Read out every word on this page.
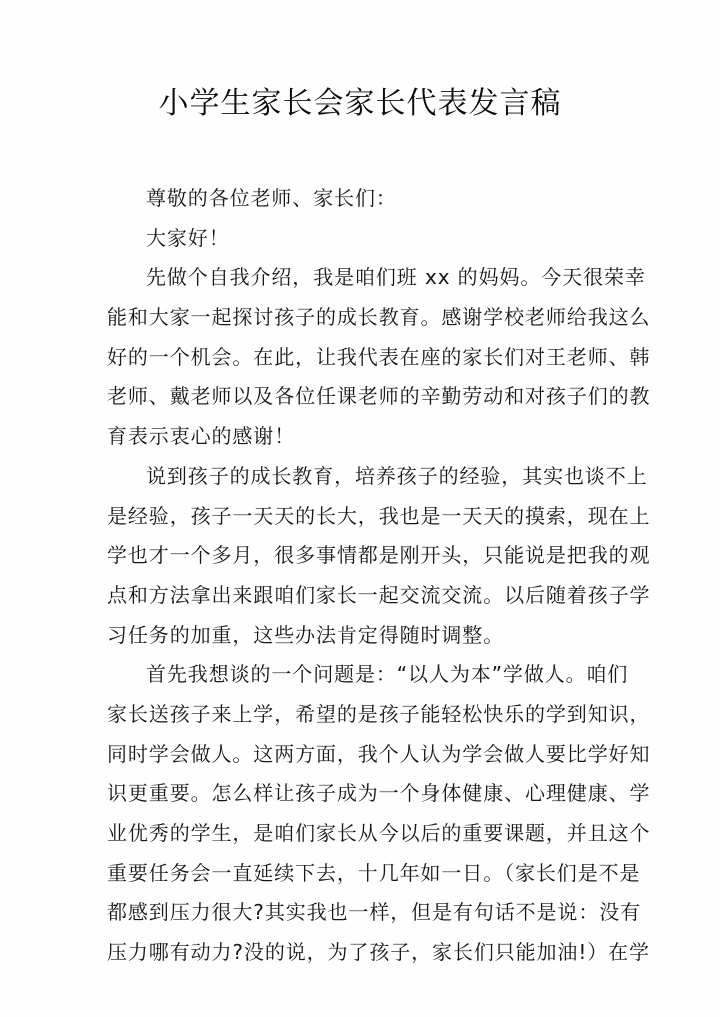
小学生家长会家长代表发言稿
尊敬的各位老师、家长们：
大家好！
先做个自我介绍，我是咱们班 xx 的妈妈。今天很荣幸
能和大家一起探讨孩子的成长教育。感谢学校老师给我这么
好的一个机会。在此，让我代表在座的家长们对王老师、韩
老师、戴老师以及各位任课老师的辛勤劳动和对孩子们的教
育表示衷心的感谢！
说到孩子的成长教育，培养孩子的经验，其实也谈不上
是经验，孩子一天天的长大，我也是一天天的摸索，现在上
学也才一个多月，很多事情都是刚开头，只能说是把我的观
点和方法拿出来跟咱们家长一起交流交流。以后随着孩子学
习任务的加重，这些办法肯定得随时调整。
首先我想谈的一个问题是：“以人为本”学做人。咱们
家长送孩子来上学，希望的是孩子能轻松快乐的学到知识，
同时学会做人。这两方面，我个人认为学会做人要比学好知
识更重要。怎么样让孩子成为一个身体健康、心理健康、学
业优秀的学生，是咱们家长从今以后的重要课题，并且这个
重要任务会一直延续下去，十几年如一日。（家长们是不是
都感到压力很大?其实我也一样，但是有句话不是说：没有
压力哪有动力?没的说，为了孩子，家长们只能加油!）在学
